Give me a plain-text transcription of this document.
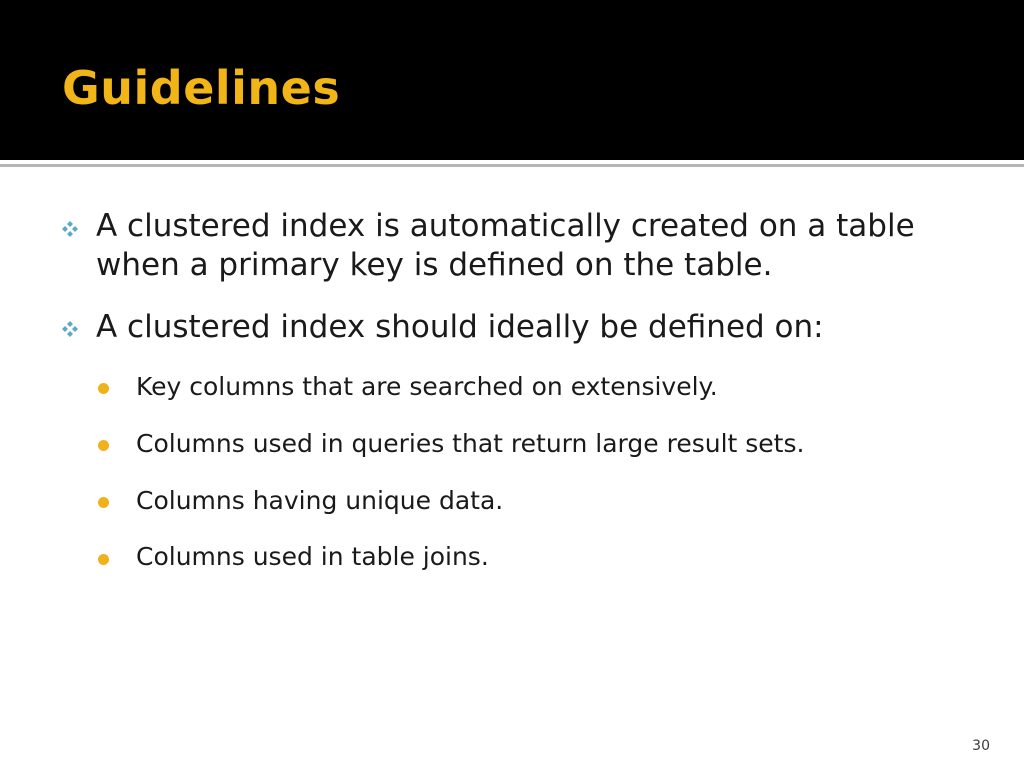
Guidelines
A clustered index is automatically created on a table when a primary key is defined on the table.
A clustered index should ideally be defined on:
Key columns that are searched on extensively.
Columns used in queries that return large result sets.
Columns having unique data.
Columns used in table joins.
30
